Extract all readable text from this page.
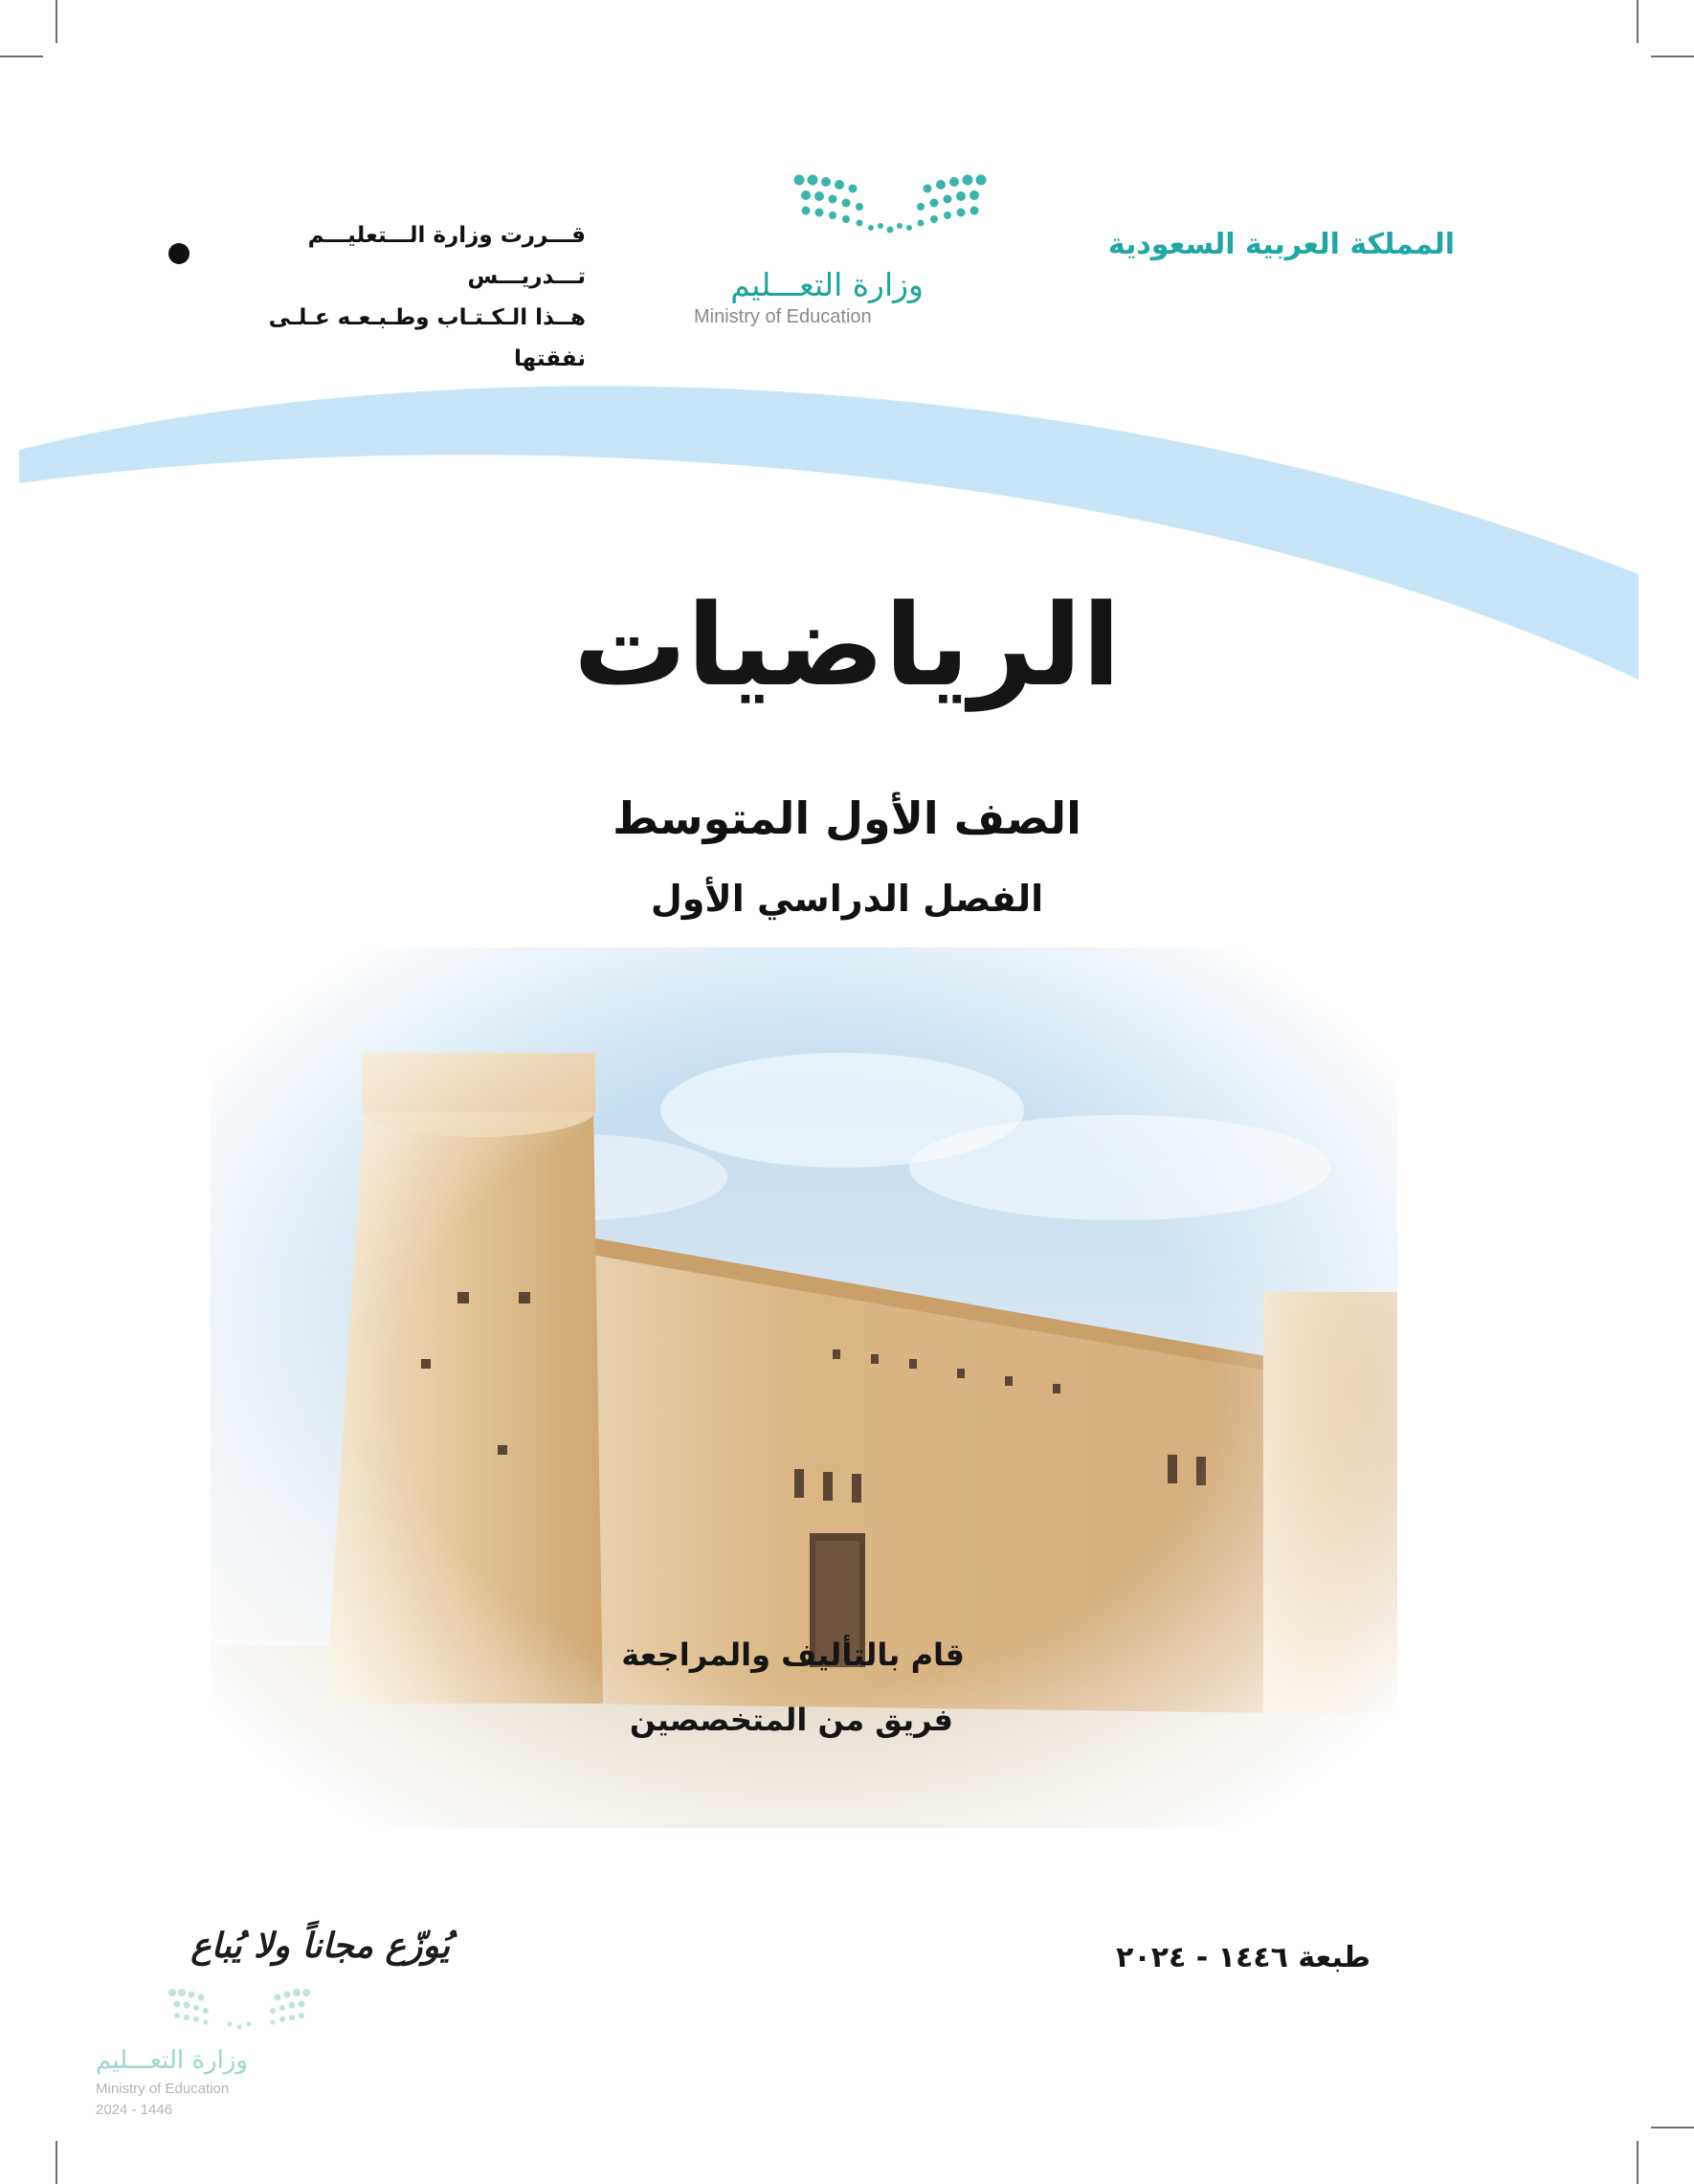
المملكة العربية السعودية
وزارة التعـــليم
Ministry of Education
قـــررت وزارة الـــتعليـــم تـــدريـــس
هــذا الـكـتـاب وطـبـعـه عـلـى نفقتها
الرياضيات
الصف الأول المتوسط
الفصل الدراسي الأول
قام بالتأليف والمراجعة
فريق من المتخصصين
طبعة ١٤٤٦ - ٢٠٢٤
يُوزّع مجاناً ولا يُباع
وزارة التعـــليم
Ministry of Education
2024 - 1446
